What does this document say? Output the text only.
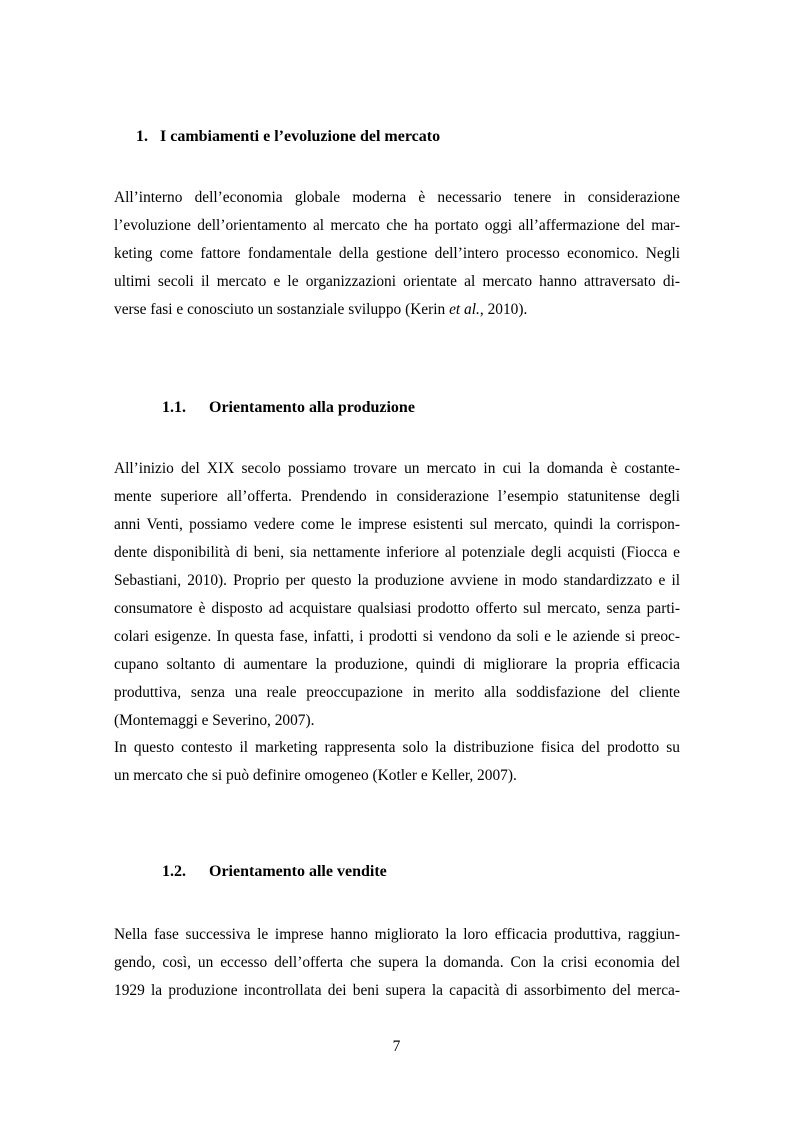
1. I cambiamenti e l’evoluzione del mercato

All’interno dell’economia globale moderna è necessario tenere in considerazione

l’evoluzione dell’orientamento al mercato che ha portato oggi all’affermazione del mar-

keting come fattore fondamentale della gestione dell’intero processo economico. Negli

ultimi secoli il mercato e le organizzazioni orientate al mercato hanno attraversato di-

verse fasi e conosciuto un sostanziale sviluppo (Kerin et al., 2010).

1.1. Orientamento alla produzione

All’inizio del XIX secolo possiamo trovare un mercato in cui la domanda è costante-

mente superiore all’offerta. Prendendo in considerazione l’esempio statunitense degli

anni Venti, possiamo vedere come le imprese esistenti sul mercato, quindi la corrispon-

dente disponibilità di beni, sia nettamente inferiore al potenziale degli acquisti (Fiocca e

Sebastiani, 2010). Proprio per questo la produzione avviene in modo standardizzato e il

consumatore è disposto ad acquistare qualsiasi prodotto offerto sul mercato, senza parti-

colari esigenze. In questa fase, infatti, i prodotti si vendono da soli e le aziende si preoc-

cupano soltanto di aumentare la produzione, quindi di migliorare la propria efficacia

produttiva, senza una reale preoccupazione in merito alla soddisfazione del cliente

(Montemaggi e Severino, 2007).

In questo contesto il marketing rappresenta solo la distribuzione fisica del prodotto su

un mercato che si può definire omogeneo (Kotler e Keller, 2007).

1.2. Orientamento alle vendite

Nella fase successiva le imprese hanno migliorato la loro efficacia produttiva, raggiun-

gendo, così, un eccesso dell’offerta che supera la domanda. Con la crisi economia del

1929 la produzione incontrollata dei beni supera la capacità di assorbimento del merca-

7
